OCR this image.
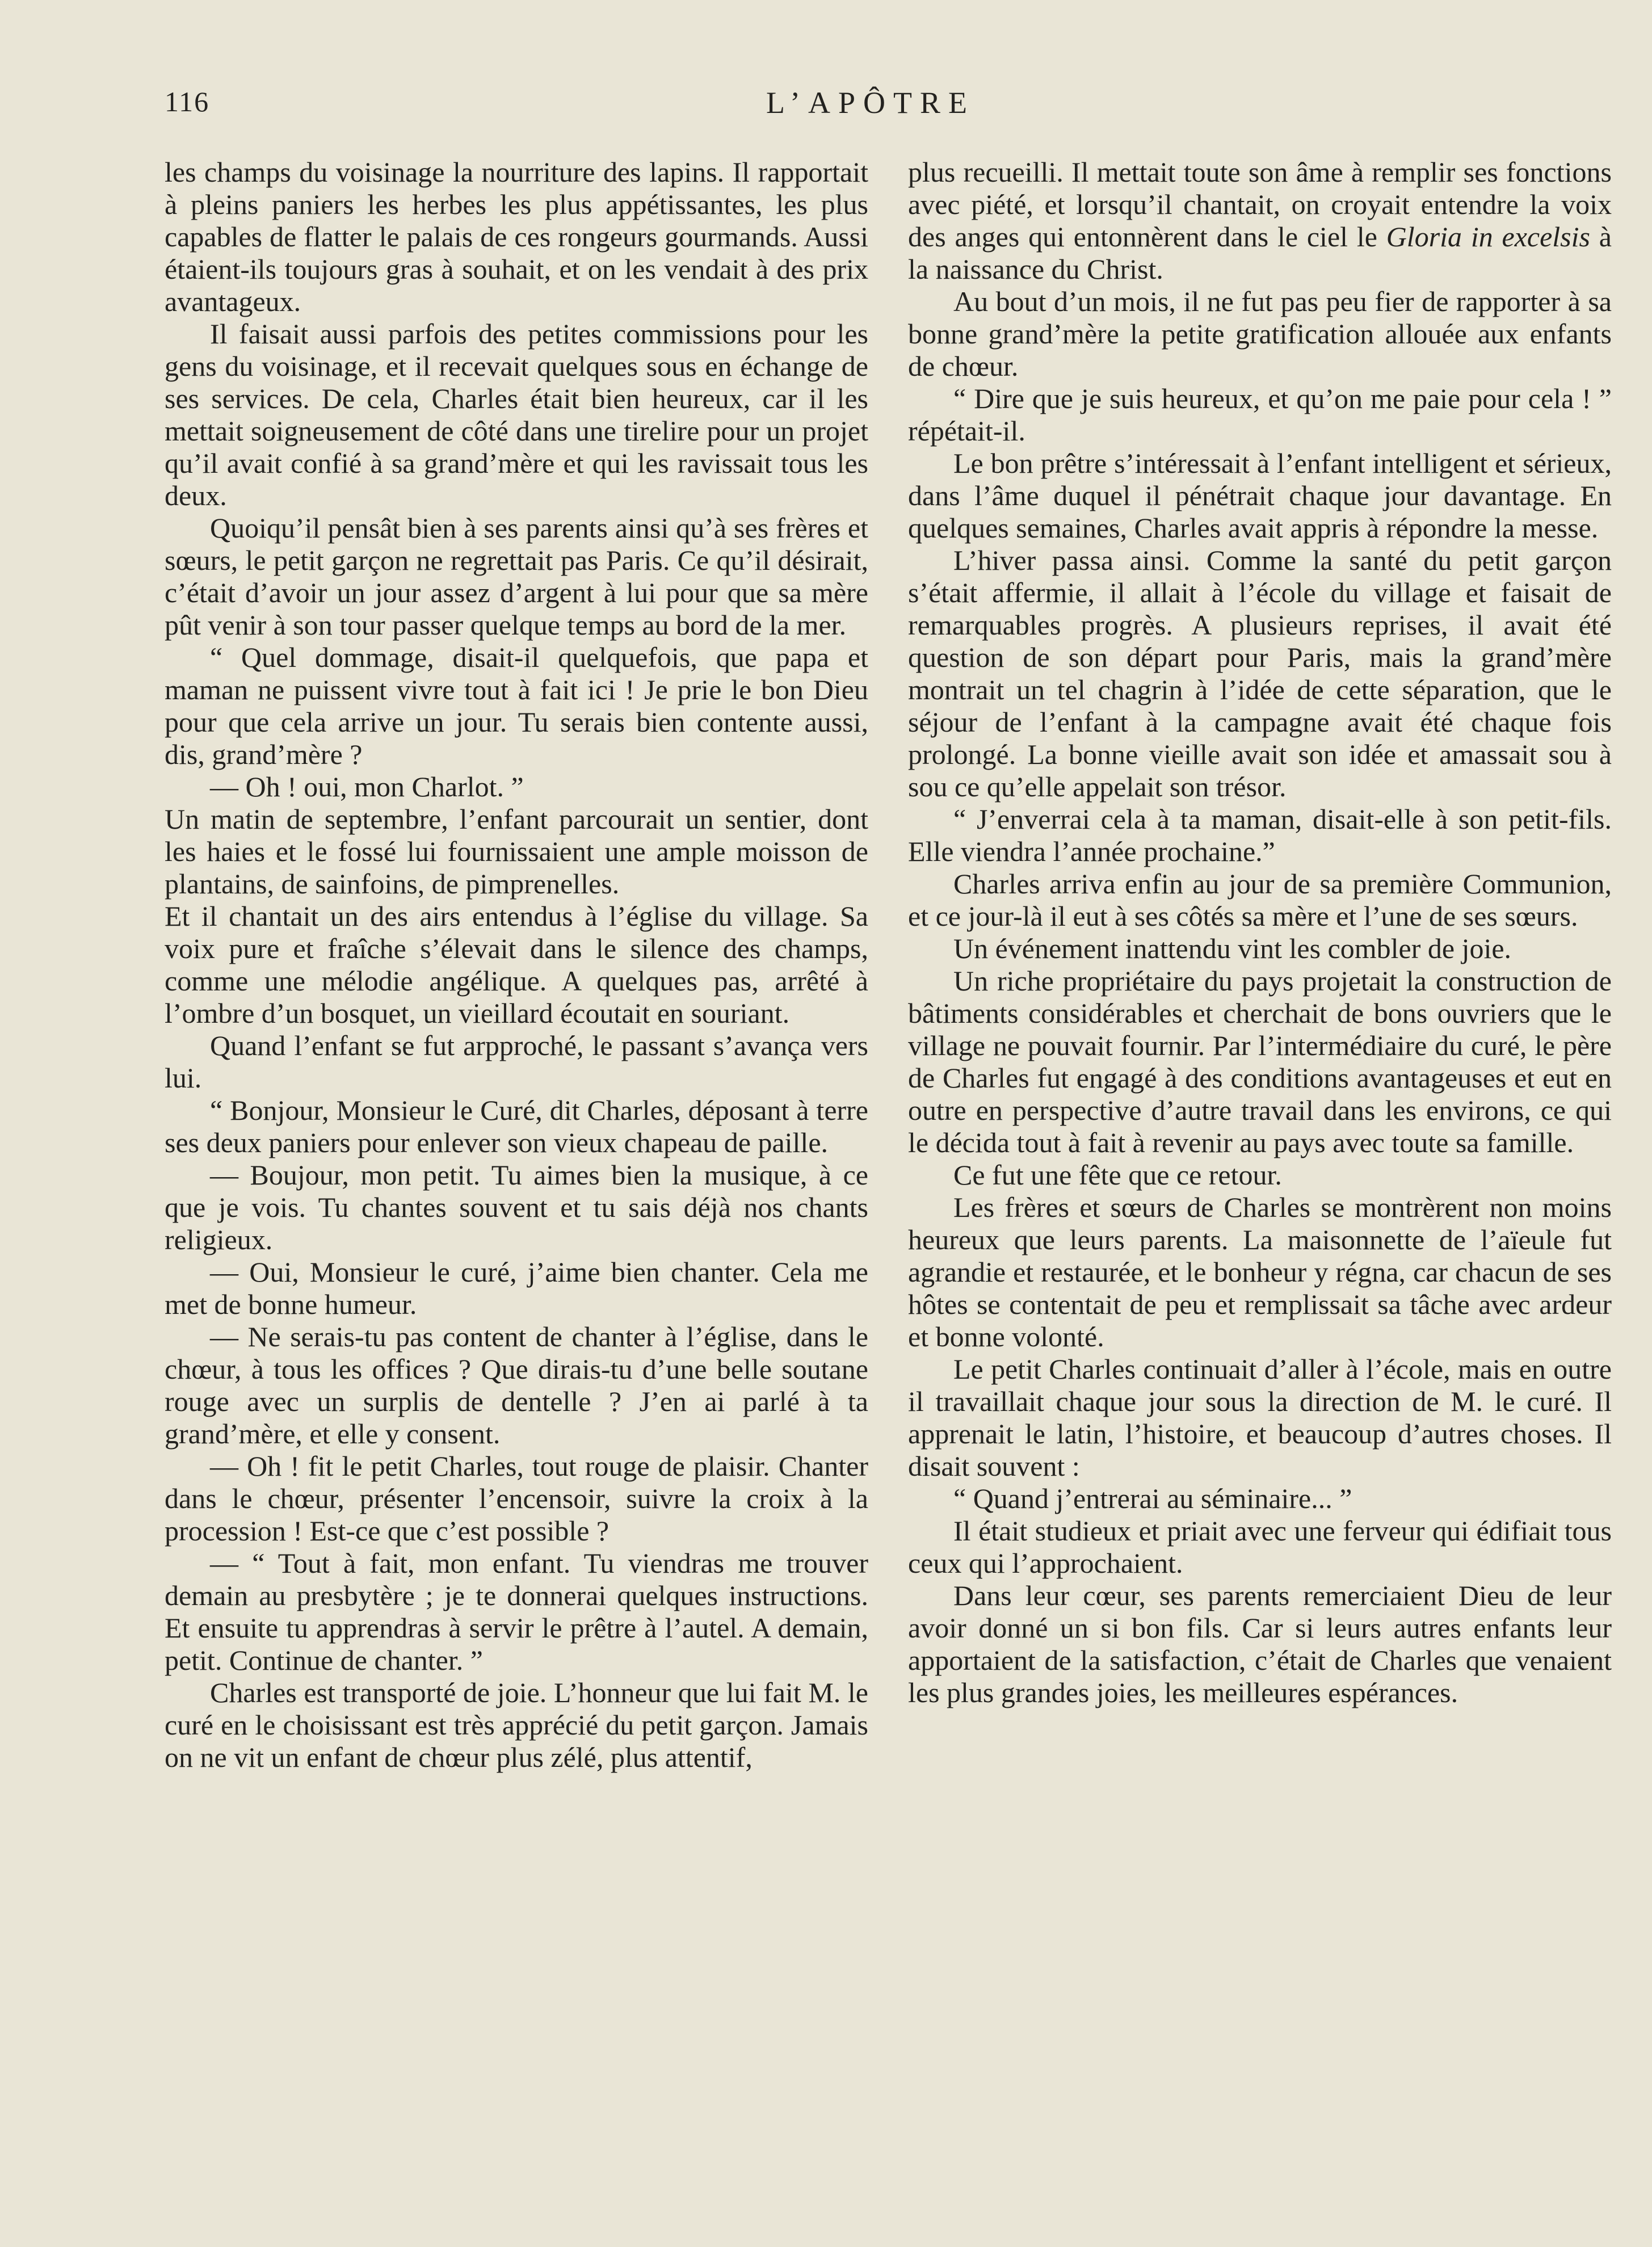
116	L’APÔTRE

les champs du voisinage la nourriture des lapins. Il rapportait à pleins paniers les herbes les plus appétissantes, les plus capables de flatter le palais de ces rongeurs gourmands. Aussi étaient-ils toujours gras à souhait, et on les vendait à des prix avantageux.

Il faisait aussi parfois des petites commissions pour les gens du voisinage, et il recevait quelques sous en échange de ses services. De cela, Charles était bien heureux, car il les mettait soigneusement de côté dans une tirelire pour un projet qu’il avait confié à sa grand’mère et qui les ravissait tous les deux.

Quoiqu’il pensât bien à ses parents ainsi qu’à ses frères et sœurs, le petit garçon ne regrettait pas Paris. Ce qu’il désirait, c’était d’avoir un jour assez d’argent à lui pour que sa mère pût venir à son tour passer quelque temps au bord de la mer.

“ Quel dommage, disait-il quelquefois, que papa et maman ne puissent vivre tout à fait ici ! Je prie le bon Dieu pour que cela arrive un jour. Tu serais bien contente aussi, dis, grand’mère ?

— Oh ! oui, mon Charlot. ”

Un matin de septembre, l’enfant parcourait un sentier, dont les haies et le fossé lui fournissaient une ample moisson de plantains, de sainfoins, de pimprenelles.

Et il chantait un des airs entendus à l’église du village. Sa voix pure et fraîche s’élevait dans le silence des champs, comme une mélodie angélique. A quelques pas, arrêté à l’ombre d’un bosquet, un vieillard écoutait en souriant.

Quand l’enfant se fut arpproché, le passant s’avança vers lui.

“ Bonjour, Monsieur le Curé, dit Charles, déposant à terre ses deux paniers pour enlever son vieux chapeau de paille.

— Boujour, mon petit. Tu aimes bien la musique, à ce que je vois. Tu chantes souvent et tu sais déjà nos chants religieux.

— Oui, Monsieur le curé, j’aime bien chanter. Cela me met de bonne humeur.

— Ne serais-tu pas content de chanter à l’église, dans le chœur, à tous les offices ? Que dirais-tu d’une belle soutane rouge avec un surplis de dentelle ? J’en ai parlé à ta grand’mère, et elle y consent.

— Oh ! fit le petit Charles, tout rouge de plaisir. Chanter dans le chœur, présenter l’encensoir, suivre la croix à la procession ! Est-ce que c’est possible ?

— “ Tout à fait, mon enfant. Tu viendras me trouver demain au presbytère ; je te donnerai quelques instructions. Et ensuite tu apprendras à servir le prêtre à l’autel. A demain, petit. Continue de chanter. ”

Charles est transporté de joie. L’honneur que lui fait M. le curé en le choisissant est très apprécié du petit garçon. Jamais on ne vit un enfant de chœur plus zélé, plus attentif,

plus recueilli. Il mettait toute son âme à remplir ses fonctions avec piété, et lorsqu’il chantait, on croyait entendre la voix des anges qui entonnèrent dans le ciel le Gloria in excelsis à la naissance du Christ.

Au bout d’un mois, il ne fut pas peu fier de rapporter à sa bonne grand’mère la petite gratification allouée aux enfants de chœur.

“ Dire que je suis heureux, et qu’on me paie pour cela ! ” répétait-il.

Le bon prêtre s’intéressait à l’enfant intelligent et sérieux, dans l’âme duquel il pénétrait chaque jour davantage. En quelques semaines, Charles avait appris à répondre la messe.

L’hiver passa ainsi. Comme la santé du petit garçon s’était affermie, il allait à l’école du village et faisait de remarquables progrès. A plusieurs reprises, il avait été question de son départ pour Paris, mais la grand’mère montrait un tel chagrin à l’idée de cette séparation, que le séjour de l’enfant à la campagne avait été chaque fois prolongé. La bonne vieille avait son idée et amassait sou à sou ce qu’elle appelait son trésor.

“ J’enverrai cela à ta maman, disait-elle à son petit-fils. Elle viendra l’année prochaine.”

Charles arriva enfin au jour de sa première Communion, et ce jour-là il eut à ses côtés sa mère et l’une de ses sœurs.

Un événement inattendu vint les combler de joie.

Un riche propriétaire du pays projetait la construction de bâtiments considérables et cherchait de bons ouvriers que le village ne pouvait fournir. Par l’intermédiaire du curé, le père de Charles fut engagé à des conditions avantageuses et eut en outre en perspective d’autre travail dans les environs, ce qui le décida tout à fait à revenir au pays avec toute sa famille.

Ce fut une fête que ce retour.

Les frères et sœurs de Charles se montrèrent non moins heureux que leurs parents. La maisonnette de l’aïeule fut agrandie et restaurée, et le bonheur y régna, car chacun de ses hôtes se contentait de peu et remplissait sa tâche avec ardeur et bonne volonté.

Le petit Charles continuait d’aller à l’école, mais en outre il travaillait chaque jour sous la direction de M. le curé. Il apprenait le latin, l’histoire, et beaucoup d’autres choses. Il disait souvent :

“ Quand j’entrerai au séminaire... ”

Il était studieux et priait avec une ferveur qui édifiait tous ceux qui l’approchaient.

Dans leur cœur, ses parents remerciaient Dieu de leur avoir donné un si bon fils. Car si leurs autres enfants leur apportaient de la satisfaction, c’était de Charles que venaient les plus grandes joies, les meilleures espérances.
